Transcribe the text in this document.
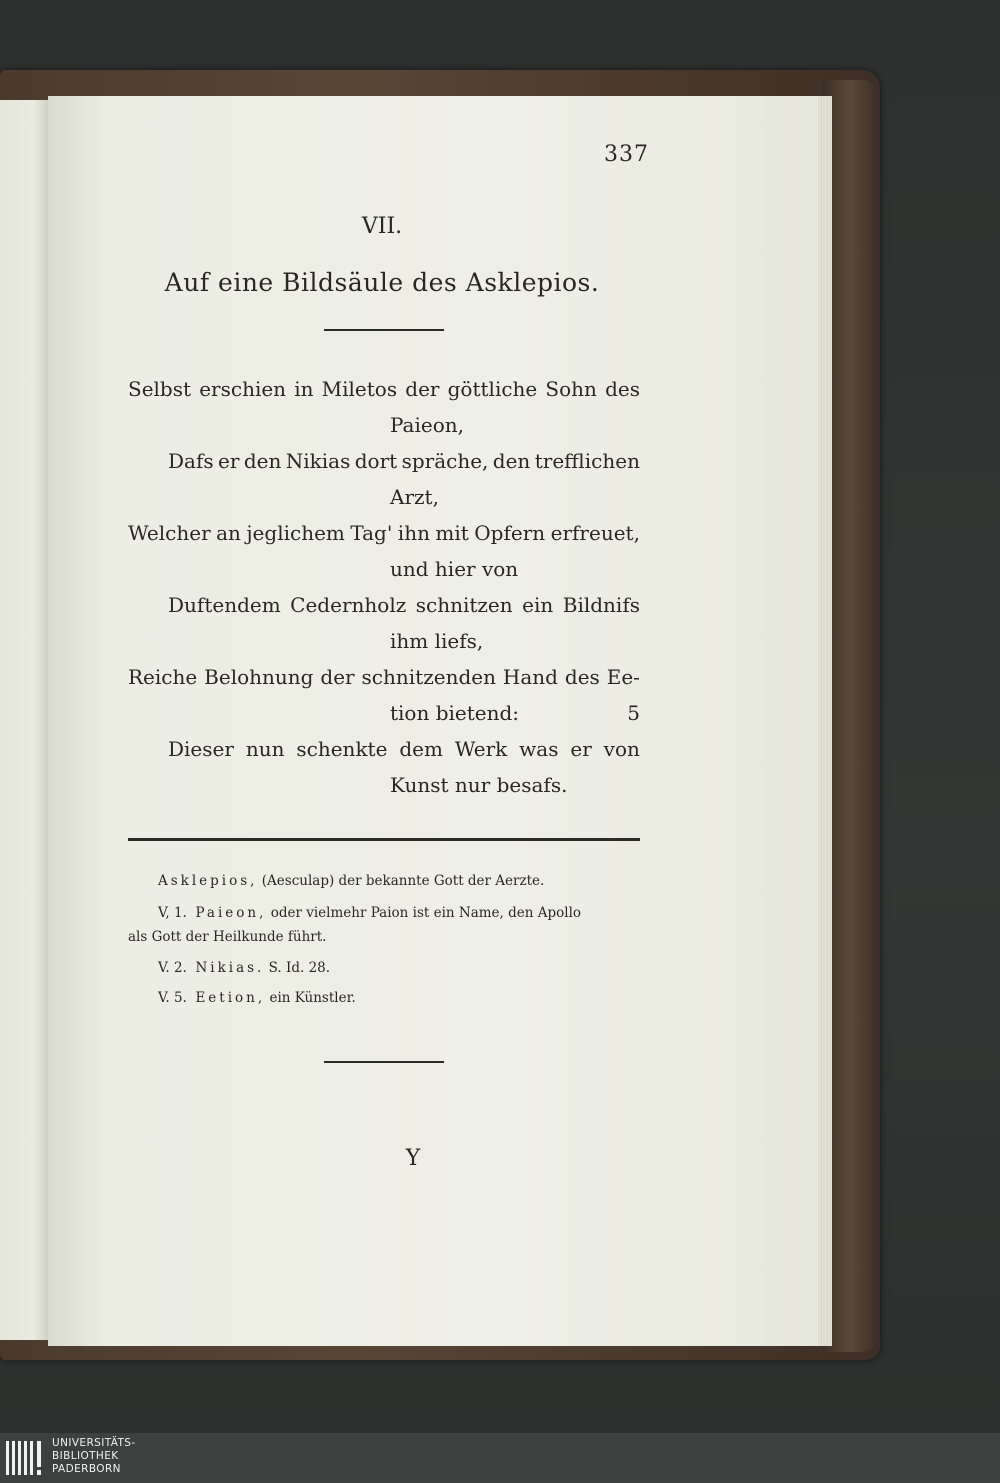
337
VII.
Auf eine Bildsäule des Asklepios.
Selbst erschien in Miletos der göttliche Sohn des
Paieon,
Dafs er den Nikias dort spräche, den trefflichen
Arzt,
Welcher an jeglichem Tag' ihn mit Opfern erfreuet,
und hier von
Duftendem Cedernholz schnitzen ein Bildnifs
ihm liefs,
Reiche Belohnung der schnitzenden Hand des Ee-
tion bietend:	5
Dieser nun schenkte dem Werk was er von
Kunst nur besafs.
Asklepios, (Aesculap) der bekannte Gott der Aerzte.
V, 1. Paieon, oder vielmehr Paion ist ein Name, den Apollo
als Gott der Heilkunde führt.
V. 2. Nikias. S. Id. 28.
V. 5. Eetion, ein Künstler.
Y
UNIVERSITÄTS-
BIBLIOTHEK
PADERBORN
